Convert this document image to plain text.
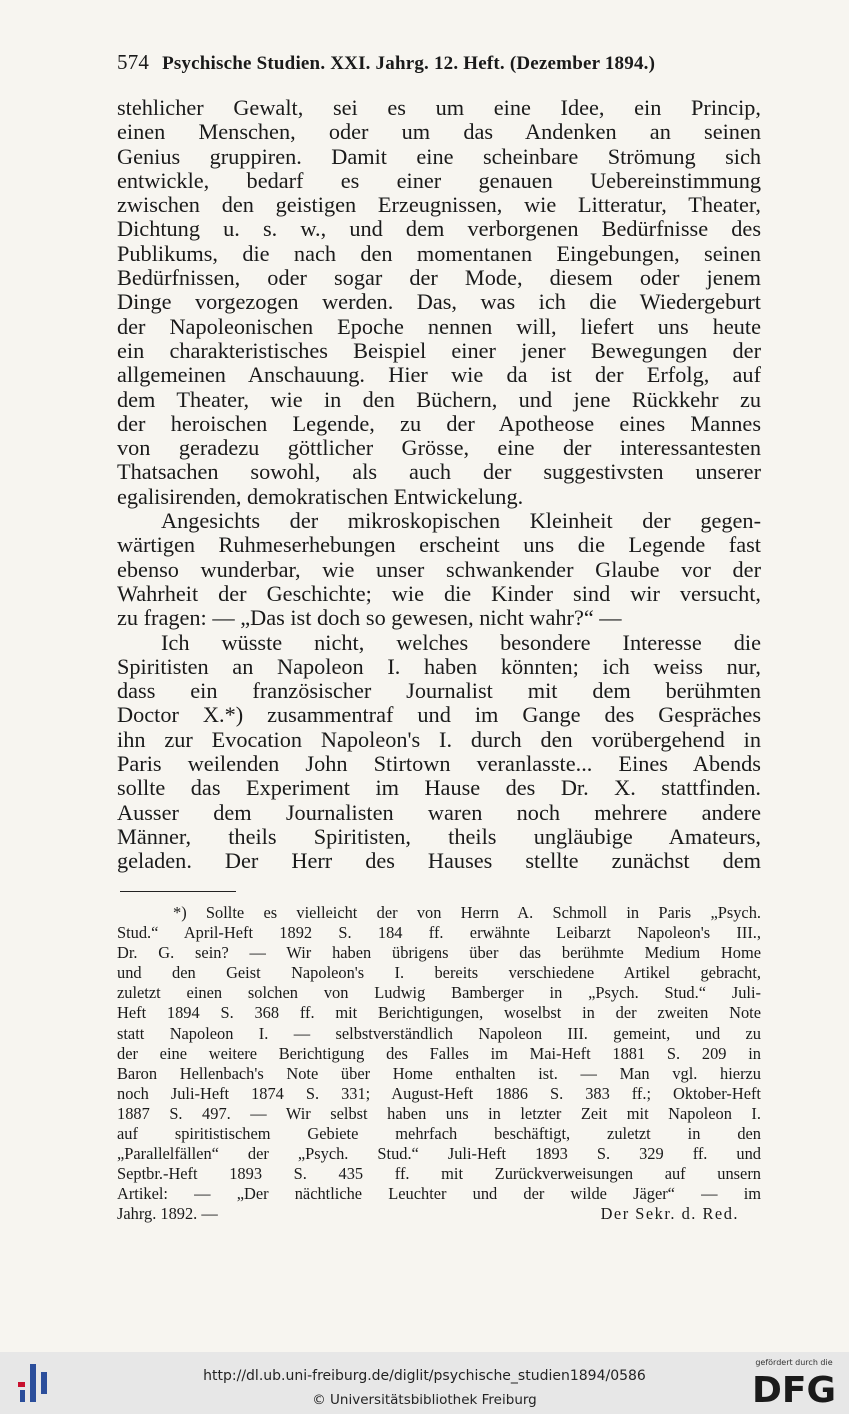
574 Psychische Studien. XXI. Jahrg. 12. Heft. (Dezember 1894.)
stehlicher Gewalt, sei es um eine Idee, ein Princip,
einen Menschen, oder um das Andenken an seinen
Genius gruppiren. Damit eine scheinbare Strömung sich
entwickle, bedarf es einer genauen Uebereinstimmung
zwischen den geistigen Erzeugnissen, wie Litteratur, Theater,
Dichtung u. s. w., und dem verborgenen Bedürfnisse des
Publikums, die nach den momentanen Eingebungen, seinen
Bedürfnissen, oder sogar der Mode, diesem oder jenem
Dinge vorgezogen werden. Das, was ich die Wiedergeburt
der Napoleonischen Epoche nennen will, liefert uns heute
ein charakteristisches Beispiel einer jener Bewegungen der
allgemeinen Anschauung. Hier wie da ist der Erfolg, auf
dem Theater, wie in den Büchern, und jene Rückkehr zu
der heroischen Legende, zu der Apotheose eines Mannes
von geradezu göttlicher Grösse, eine der interessantesten
Thatsachen sowohl, als auch der suggestivsten unserer
egalisirenden, demokratischen Entwickelung.
Angesichts der mikroskopischen Kleinheit der gegen-
wärtigen Ruhmeserhebungen erscheint uns die Legende fast
ebenso wunderbar, wie unser schwankender Glaube vor der
Wahrheit der Geschichte; wie die Kinder sind wir versucht,
zu fragen: — „Das ist doch so gewesen, nicht wahr?“ —
Ich wüsste nicht, welches besondere Interesse die
Spiritisten an Napoleon I. haben könnten; ich weiss nur,
dass ein französischer Journalist mit dem berühmten
Doctor X.*) zusammentraf und im Gange des Gespräches
ihn zur Evocation Napoleon's I. durch den vorübergehend in
Paris weilenden John Stirtown veranlasste... Eines Abends
sollte das Experiment im Hause des Dr. X. stattfinden.
Ausser dem Journalisten waren noch mehrere andere
Männer, theils Spiritisten, theils ungläubige Amateurs,
geladen. Der Herr des Hauses stellte zunächst dem
*) Sollte es vielleicht der von Herrn A. Schmoll in Paris „Psych.
Stud.“ April-Heft 1892 S. 184 ff. erwähnte Leibarzt Napoleon's III.,
Dr. G. sein? — Wir haben übrigens über das berühmte Medium Home
und den Geist Napoleon's I. bereits verschiedene Artikel gebracht,
zuletzt einen solchen von Ludwig Bamberger in „Psych. Stud.“ Juli-
Heft 1894 S. 368 ff. mit Berichtigungen, woselbst in der zweiten Note
statt Napoleon I. — selbstverständlich Napoleon III. gemeint, und zu
der eine weitere Berichtigung des Falles im Mai-Heft 1881 S. 209 in
Baron Hellenbach's Note über Home enthalten ist. — Man vgl. hierzu
noch Juli-Heft 1874 S. 331; August-Heft 1886 S. 383 ff.; Oktober-Heft
1887 S. 497. — Wir selbst haben uns in letzter Zeit mit Napoleon I.
auf spiritistischem Gebiete mehrfach beschäftigt, zuletzt in den
„Parallelfällen“ der „Psych. Stud.“ Juli-Heft 1893 S. 329 ff. und
Septbr.-Heft 1893 S. 435 ff. mit Zurückverweisungen auf unsern
Artikel: — „Der nächtliche Leuchter und der wilde Jäger“ — im
Jahrg. 1892. —	Der Sekr. d. Red.
http://dl.ub.uni-freiburg.de/diglit/psychische_studien1894/0586
© Universitätsbibliothek Freiburg
gefördert durch die
DFG
